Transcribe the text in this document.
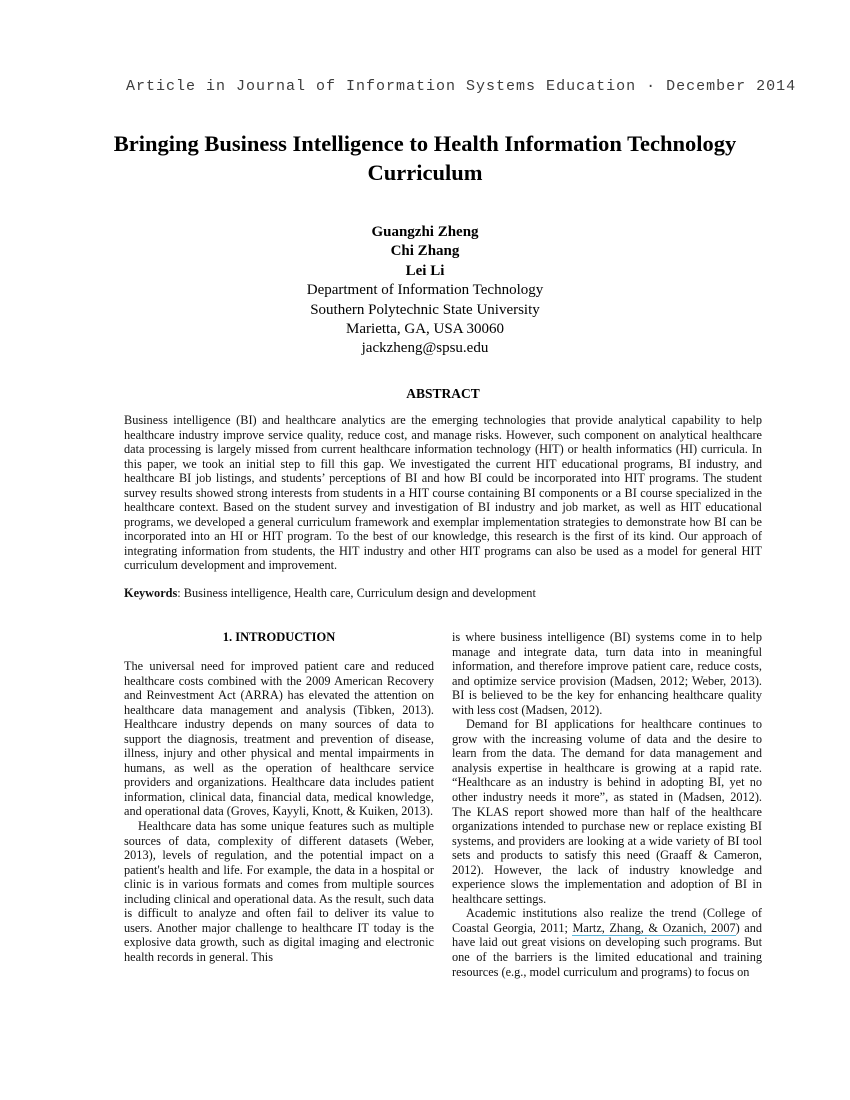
Article in Journal of Information Systems Education · December 2014
Bringing Business Intelligence to Health Information Technology Curriculum
Guangzhi Zheng
Chi Zhang
Lei Li
Department of Information Technology
Southern Polytechnic State University
Marietta, GA, USA 30060
jackzheng@spsu.edu
ABSTRACT

Business intelligence (BI) and healthcare analytics are the emerging technologies that provide analytical capability to help healthcare industry improve service quality, reduce cost, and manage risks. However, such component on analytical healthcare data processing is largely missed from current healthcare information technology (HIT) or health informatics (HI) curricula. In this paper, we took an initial step to fill this gap. We investigated the current HIT educational programs, BI industry, and healthcare BI job listings, and students’ perceptions of BI and how BI could be incorporated into HIT programs. The student survey results showed strong interests from students in a HIT course containing BI components or a BI course specialized in the healthcare context. Based on the student survey and investigation of BI industry and job market, as well as HIT educational programs, we developed a general curriculum framework and exemplar implementation strategies to demonstrate how BI can be incorporated into an HI or HIT program. To the best of our knowledge, this research is the first of its kind. Our approach of integrating information from students, the HIT industry and other HIT programs can also be used as a model for general HIT curriculum development and improvement.

Keywords: Business intelligence, Health care, Curriculum design and development

1. INTRODUCTION

The universal need for improved patient care and reduced healthcare costs combined with the 2009 American Recovery and Reinvestment Act (ARRA) has elevated the attention on healthcare data management and analysis (Tibken, 2013). Healthcare industry depends on many sources of data to support the diagnosis, treatment and prevention of disease, illness, injury and other physical and mental impairments in humans, as well as the operation of healthcare service providers and organizations. Healthcare data includes patient information, clinical data, financial data, medical knowledge, and operational data (Groves, Kayyli, Knott, & Kuiken, 2013).

Healthcare data has some unique features such as multiple sources of data, complexity of different datasets (Weber, 2013), levels of regulation, and the potential impact on a patient's health and life. For example, the data in a hospital or clinic is in various formats and comes from multiple sources including clinical and operational data. As the result, such data is difficult to analyze and often fail to deliver its value to users. Another major challenge to healthcare IT today is the explosive data growth, such as digital imaging and electronic health records in general. This

is where business intelligence (BI) systems come in to help manage and integrate data, turn data into in meaningful information, and therefore improve patient care, reduce costs, and optimize service provision (Madsen, 2012; Weber, 2013). BI is believed to be the key for enhancing healthcare quality with less cost (Madsen, 2012).

Demand for BI applications for healthcare continues to grow with the increasing volume of data and the desire to learn from the data. The demand for data management and analysis expertise in healthcare is growing at a rapid rate. “Healthcare as an industry is behind in adopting BI, yet no other industry needs it more”, as stated in (Madsen, 2012). The KLAS report showed more than half of the healthcare organizations intended to purchase new or replace existing BI systems, and providers are looking at a wide variety of BI tool sets and products to satisfy this need (Graaff & Cameron, 2012). However, the lack of industry knowledge and experience slows the implementation and adoption of BI in healthcare settings.

Academic institutions also realize the trend (College of Coastal Georgia, 2011; Martz, Zhang, & Ozanich, 2007) and have laid out great visions on developing such programs. But one of the barriers is the limited educational and training resources (e.g., model curriculum and programs) to focus on
